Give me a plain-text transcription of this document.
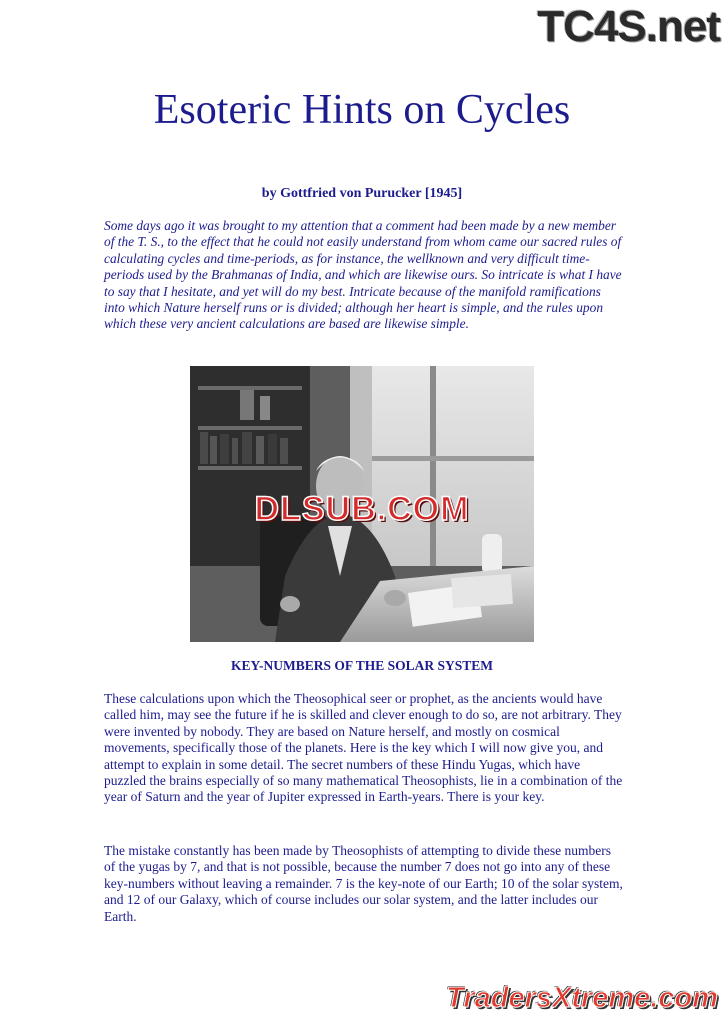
TC4S.net
Esoteric Hints on Cycles
by Gottfried von Purucker [1945]

Some days ago it was brought to my attention that a comment had been made by a new member of the T. S., to the effect that he could not easily understand from whom came our sacred rules of calculating cycles and time-periods, as for instance, the wellknown and very difficult time-periods used by the Brahmanas of India, and which are likewise ours. So intricate is what I have to say that I hesitate, and yet will do my best. Intricate because of the manifold ramifications into which Nature herself runs or is divided; although her heart is simple, and the rules upon which these very ancient calculations are based are likewise simple.

DLSUB.COM
KEY-NUMBERS OF THE SOLAR SYSTEM

These calculations upon which the Theosophical seer or prophet, as the ancients would have called him, may see the future if he is skilled and clever enough to do so, are not arbitrary. They were invented by nobody. They are based on Nature herself, and mostly on cosmical movements, specifically those of the planets. Here is the key which I will now give you, and attempt to explain in some detail. The secret numbers of these Hindu Yugas, which have puzzled the brains especially of so many mathematical Theosophists, lie in a combination of the year of Saturn and the year of Jupiter expressed in Earth-years. There is your key.

The mistake constantly has been made by Theosophists of attempting to divide these numbers of the yugas by 7, and that is not possible, because the number 7 does not go into any of these key-numbers without leaving a remainder. 7 is the key-note of our Earth; 10 of the solar system, and 12 of our Galaxy, which of course includes our solar system, and the latter includes our Earth.

TradersXtreme.com
